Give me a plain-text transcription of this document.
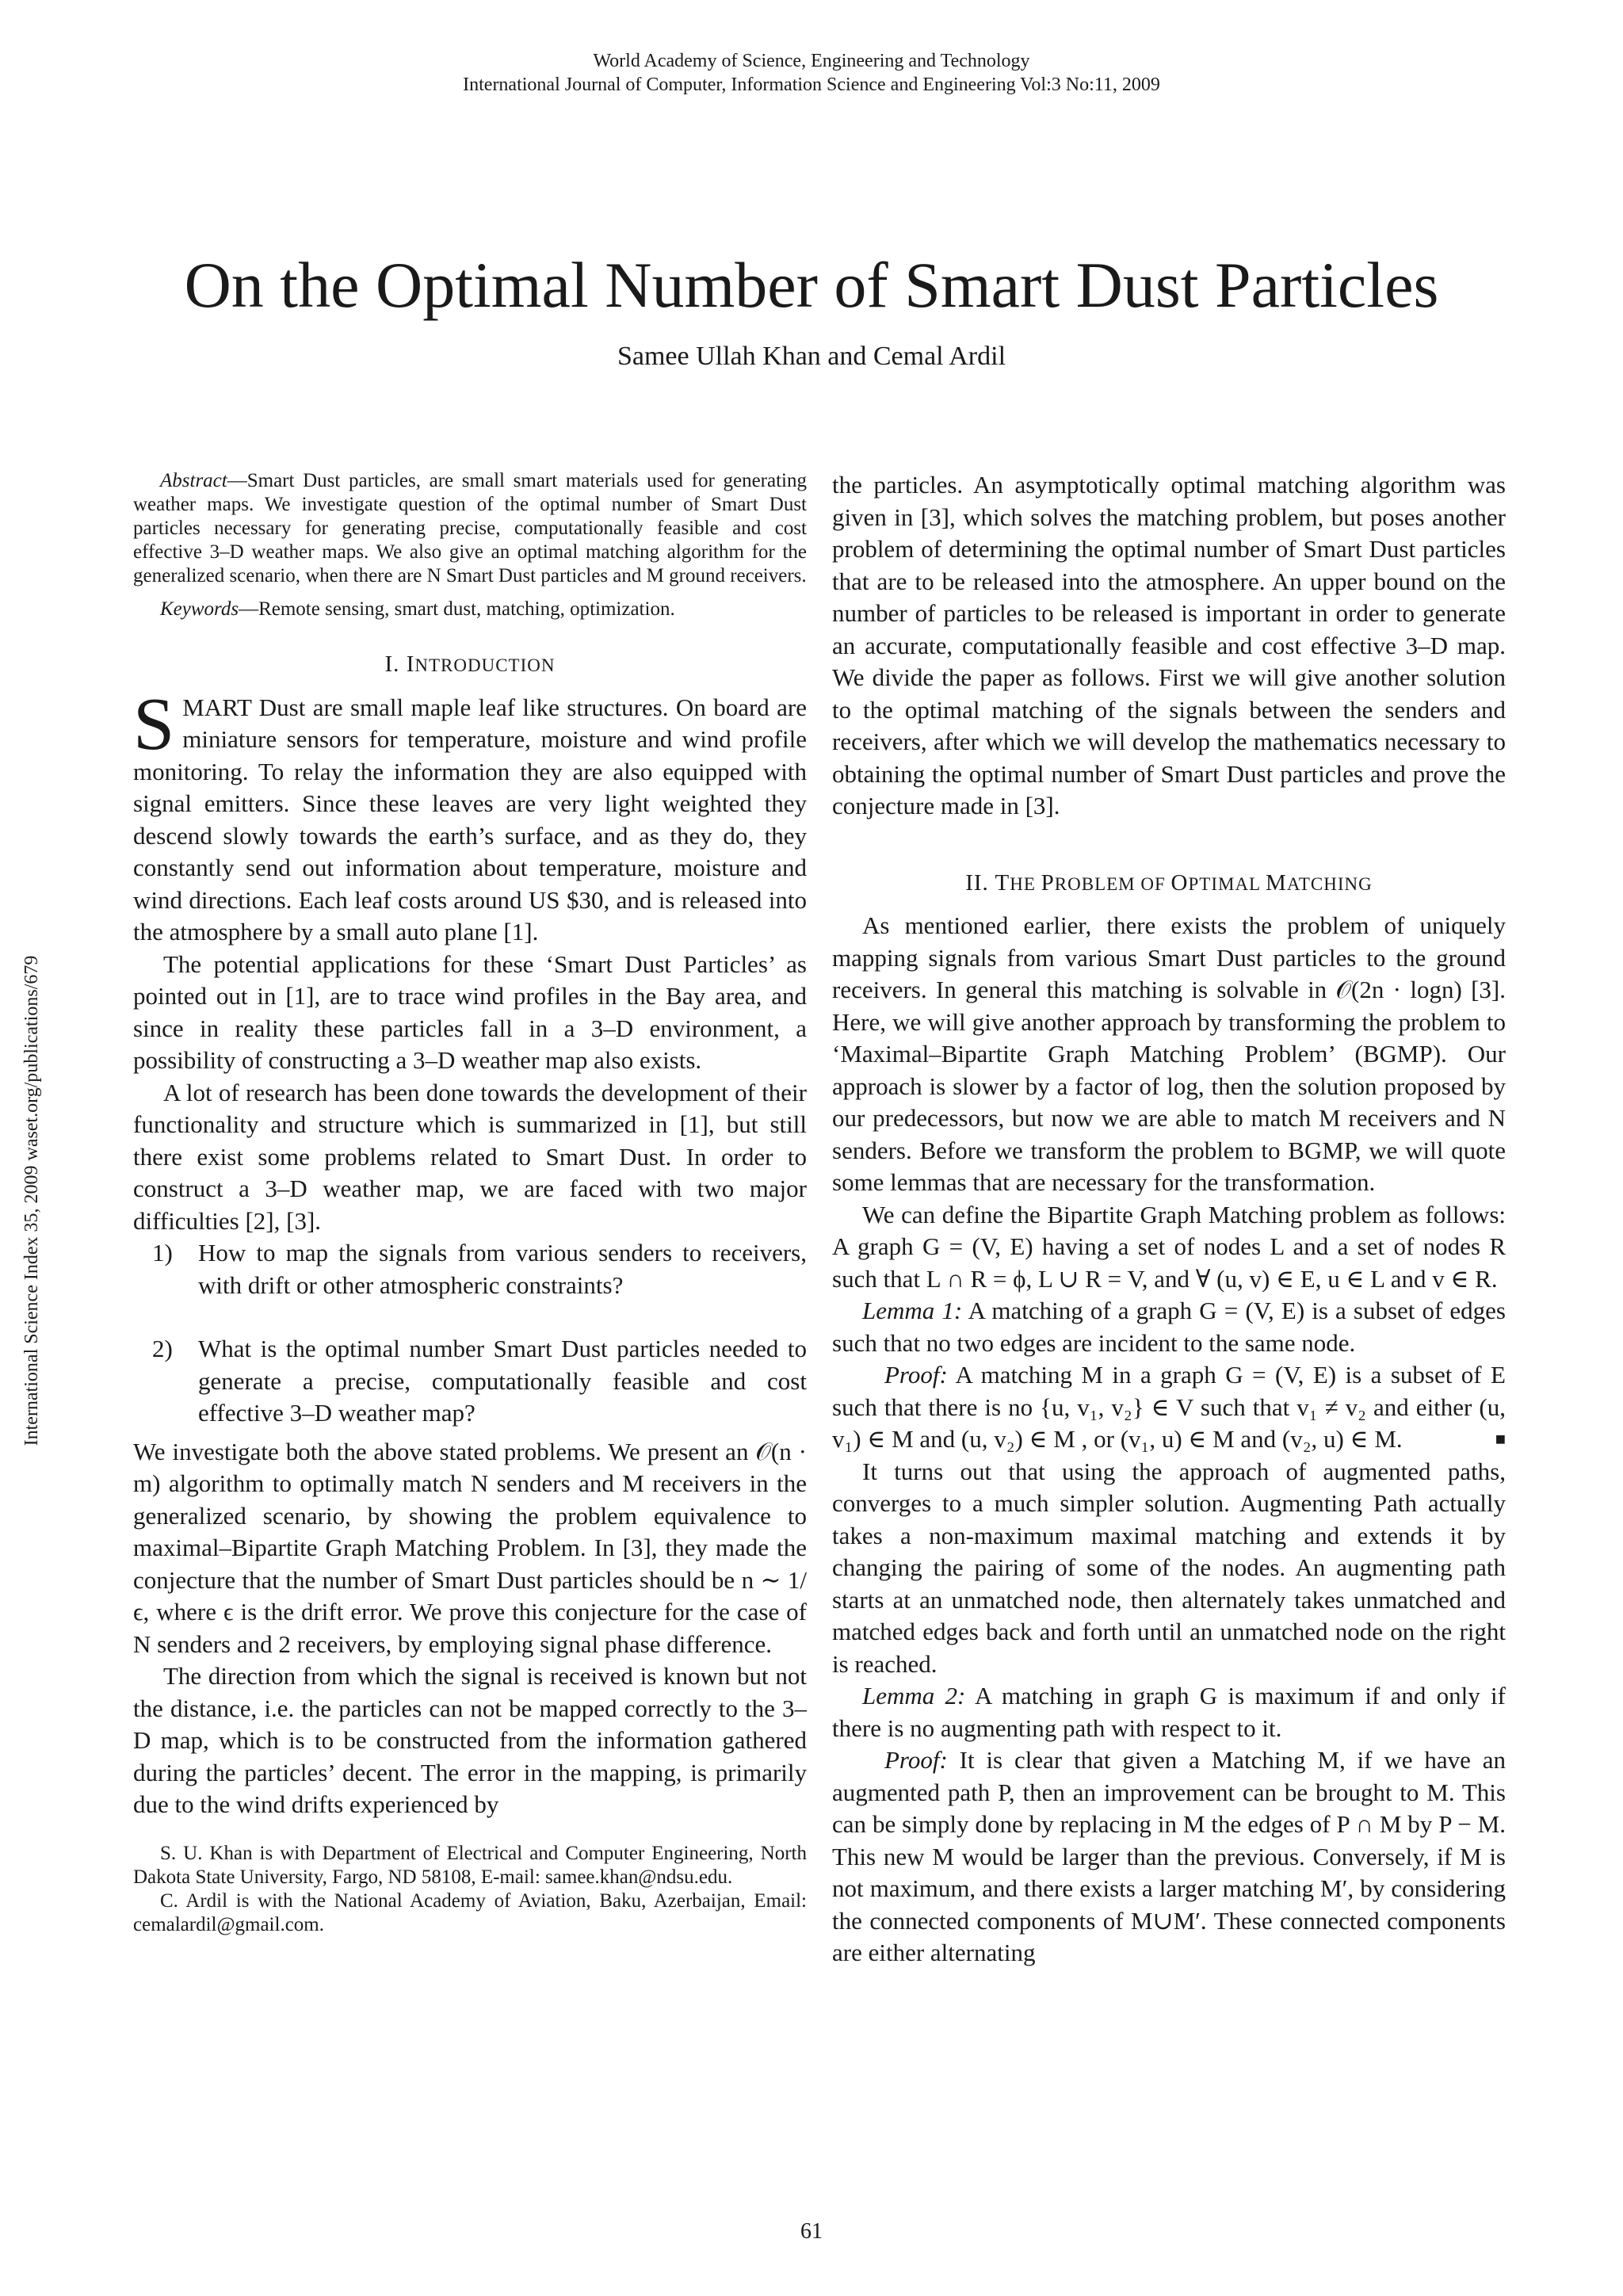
World Academy of Science, Engineering and Technology
International Journal of Computer, Information Science and Engineering Vol:3 No:11, 2009
International Science Index 35, 2009 waset.org/publications/679
On the Optimal Number of Smart Dust Particles
Samee Ullah Khan and Cemal Ardil

Abstract—Smart Dust particles, are small smart materials used for generating weather maps. We investigate question of the optimal number of Smart Dust particles necessary for generating precise, computationally feasible and cost effective 3–D weather maps. We also give an optimal matching algorithm for the generalized scenario, when there are N Smart Dust particles and M ground receivers.

Keywords—Remote sensing, smart dust, matching, optimization.

I. INTRODUCTION

SMART Dust are small maple leaf like structures. On board are miniature sensors for temperature, moisture and wind profile monitoring. To relay the information they are also equipped with signal emitters. Since these leaves are very light weighted they descend slowly towards the earth’s surface, and as they do, they constantly send out information about temperature, moisture and wind directions. Each leaf costs around US $30, and is released into the atmosphere by a small auto plane [1].

The potential applications for these ‘Smart Dust Particles’ as pointed out in [1], are to trace wind profiles in the Bay area, and since in reality these particles fall in a 3–D environment, a possibility of constructing a 3–D weather map also exists.

A lot of research has been done towards the development of their functionality and structure which is summarized in [1], but still there exist some problems related to Smart Dust. In order to construct a 3–D weather map, we are faced with two major difficulties [2], [3].

1) How to map the signals from various senders to receivers, with drift or other atmospheric constraints?
2) What is the optimal number Smart Dust particles needed to generate a precise, computationally feasible and cost effective 3–D weather map?

We investigate both the above stated problems. We present an 𝒪(n · m) algorithm to optimally match N senders and M receivers in the generalized scenario, by showing the problem equivalence to maximal–Bipartite Graph Matching Problem. In [3], they made the conjecture that the number of Smart Dust particles should be n ∼ 1/ϵ, where ϵ is the drift error. We prove this conjecture for the case of N senders and 2 receivers, by employing signal phase difference.

The direction from which the signal is received is known but not the distance, i.e. the particles can not be mapped correctly to the 3–D map, which is to be constructed from the information gathered during the particles’ decent. The error in the mapping, is primarily due to the wind drifts experienced by

S. U. Khan is with Department of Electrical and Computer Engineering, North Dakota State University, Fargo, ND 58108, E-mail: samee.khan@ndsu.edu.

C. Ardil is with the National Academy of Aviation, Baku, Azerbaijan, Email: cemalardil@gmail.com.

the particles. An asymptotically optimal matching algorithm was given in [3], which solves the matching problem, but poses another problem of determining the optimal number of Smart Dust particles that are to be released into the atmosphere. An upper bound on the number of particles to be released is important in order to generate an accurate, computationally feasible and cost effective 3–D map. We divide the paper as follows. First we will give another solution to the optimal matching of the signals between the senders and receivers, after which we will develop the mathematics necessary to obtaining the optimal number of Smart Dust particles and prove the conjecture made in [3].

II. THE PROBLEM OF OPTIMAL MATCHING

As mentioned earlier, there exists the problem of uniquely mapping signals from various Smart Dust particles to the ground receivers. In general this matching is solvable in 𝒪(2n · logn) [3]. Here, we will give another approach by transforming the problem to ‘Maximal–Bipartite Graph Matching Problem’ (BGMP). Our approach is slower by a factor of log, then the solution proposed by our predecessors, but now we are able to match M receivers and N senders. Before we transform the problem to BGMP, we will quote some lemmas that are necessary for the transformation.

We can define the Bipartite Graph Matching problem as follows: A graph G = (V, E) having a set of nodes L and a set of nodes R such that L ∩ R = ϕ, L ∪ R = V, and ∀ (u, v) ∈ E, u ∈ L and v ∈ R.

Lemma 1: A matching of a graph G = (V, E) is a subset of edges such that no two edges are incident to the same node.

Proof: A matching M in a graph G = (V, E) is a subset of E such that there is no {u, v₁, v₂} ∈ V such that v₁ ≠ v₂ and either (u, v₁) ∈ M and (u, v₂) ∈ M , or (v₁, u) ∈ M and (v₂, u) ∈ M.	■

It turns out that using the approach of augmented paths, converges to a much simpler solution. Augmenting Path actually takes a non-maximum maximal matching and extends it by changing the pairing of some of the nodes. An augmenting path starts at an unmatched node, then alternately takes unmatched and matched edges back and forth until an unmatched node on the right is reached.

Lemma 2: A matching in graph G is maximum if and only if there is no augmenting path with respect to it.

Proof: It is clear that given a Matching M, if we have an augmented path P, then an improvement can be brought to M. This can be simply done by replacing in M the edges of P ∩ M by P − M. This new M would be larger than the previous. Conversely, if M is not maximum, and there exists a larger matching M′, by considering the connected components of M∪M′. These connected components are either alternating

61
